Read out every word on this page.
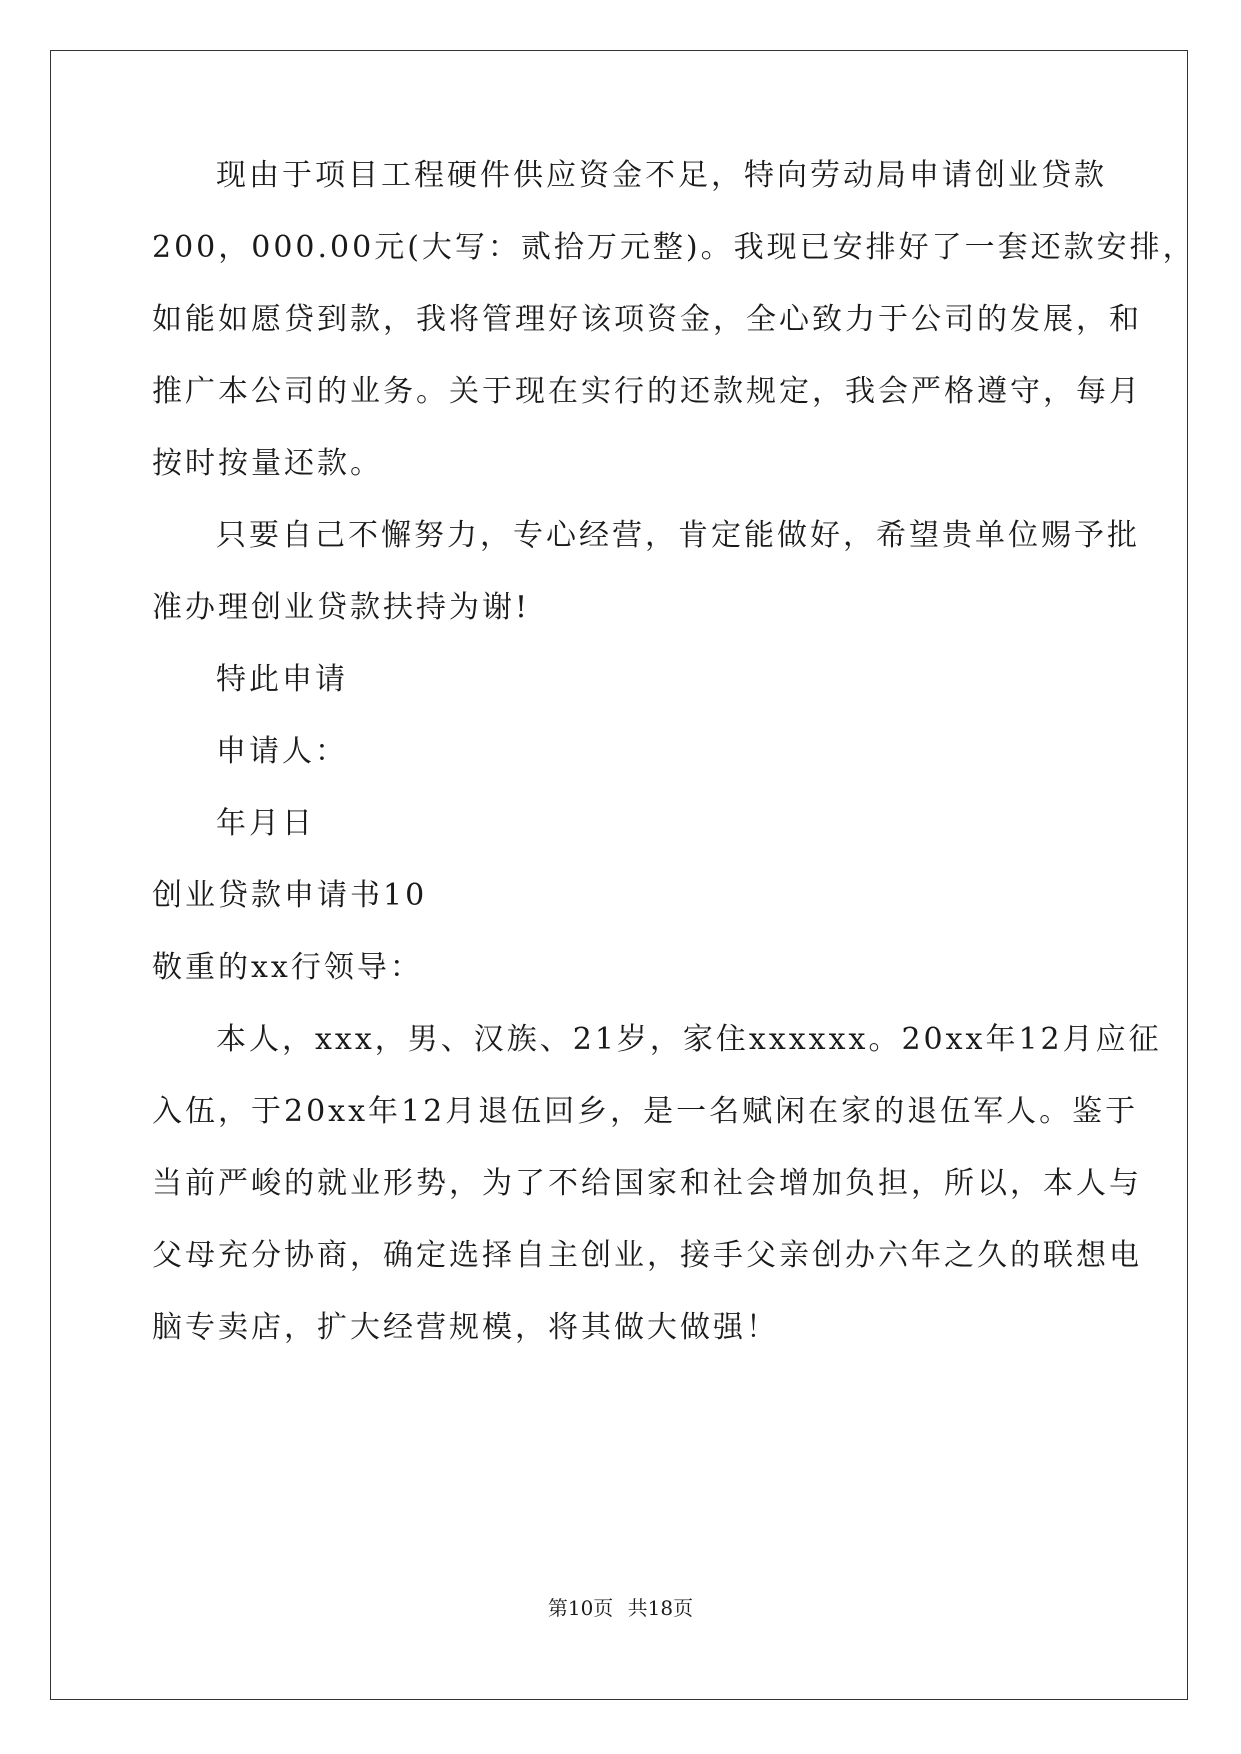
现由于项目工程硬件供应资金不足，特向劳动局申请创业贷款
200，000.00元(大写：贰拾万元整)。我现已安排好了一套还款安排，
如能如愿贷到款，我将管理好该项资金，全心致力于公司的发展，和
推广本公司的业务。关于现在实行的还款规定，我会严格遵守，每月
按时按量还款。
只要自己不懈努力，专心经营，肯定能做好，希望贵单位赐予批
准办理创业贷款扶持为谢!
特此申请
申请人：
年月日
创业贷款申请书10
敬重的xx行领导：
本人，xxx，男、汉族、21岁，家住xxxxxx。20xx年12月应征
入伍，于20xx年12月退伍回乡，是一名赋闲在家的退伍军人。鉴于
当前严峻的就业形势，为了不给国家和社会增加负担，所以，本人与
父母充分协商，确定选择自主创业，接手父亲创办六年之久的联想电
脑专卖店，扩大经营规模，将其做大做强！
第10页 共18页
